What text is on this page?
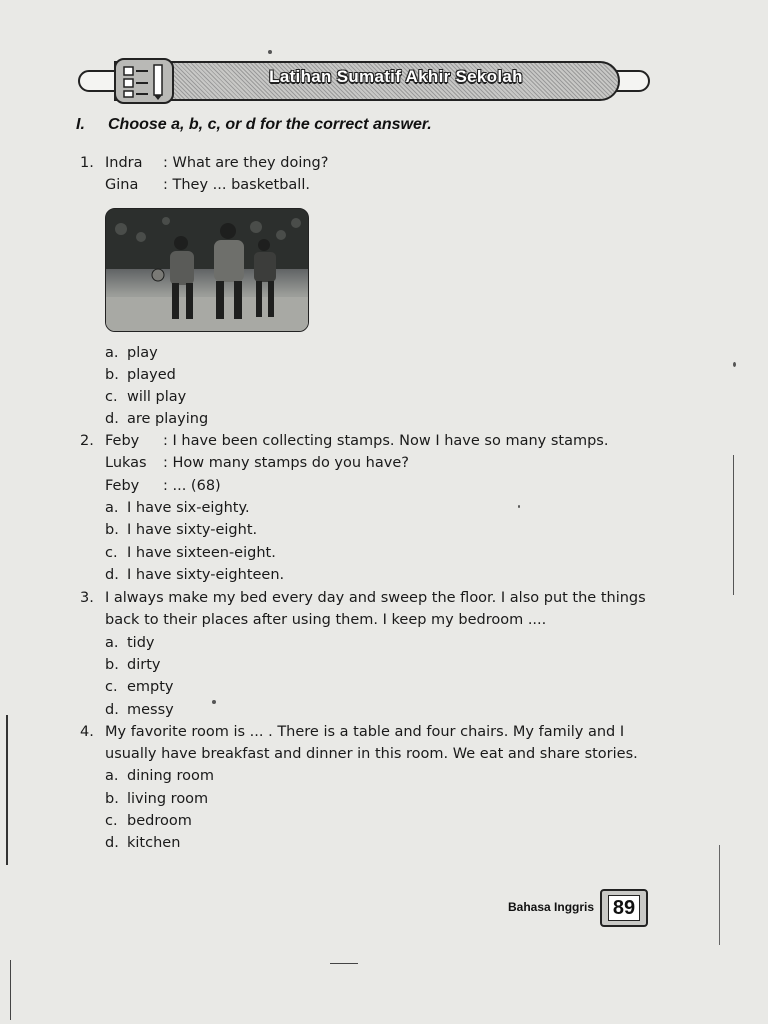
Latihan Sumatif Akhir Sekolah
I. Choose a, b, c, or d for the correct answer.
1. Indra : What are they doing?
Gina : They ... basketball.
a. play
b. played
c. will play
d. are playing
2. Feby : I have been collecting stamps. Now I have so many stamps.
Lukas : How many stamps do you have?
Feby : ... (68)
a. I have six-eighty.
b. I have sixty-eight.
c. I have sixteen-eight.
d. I have sixty-eighteen.
3. I always make my bed every day and sweep the floor. I also put the things
back to their places after using them. I keep my bedroom ....
a. tidy
b. dirty
c. empty
d. messy
4. My favorite room is ... . There is a table and four chairs. My family and I
usually have breakfast and dinner in this room. We eat and share stories.
a. dining room
b. living room
c. bedroom
d. kitchen
Bahasa Inggris 89
